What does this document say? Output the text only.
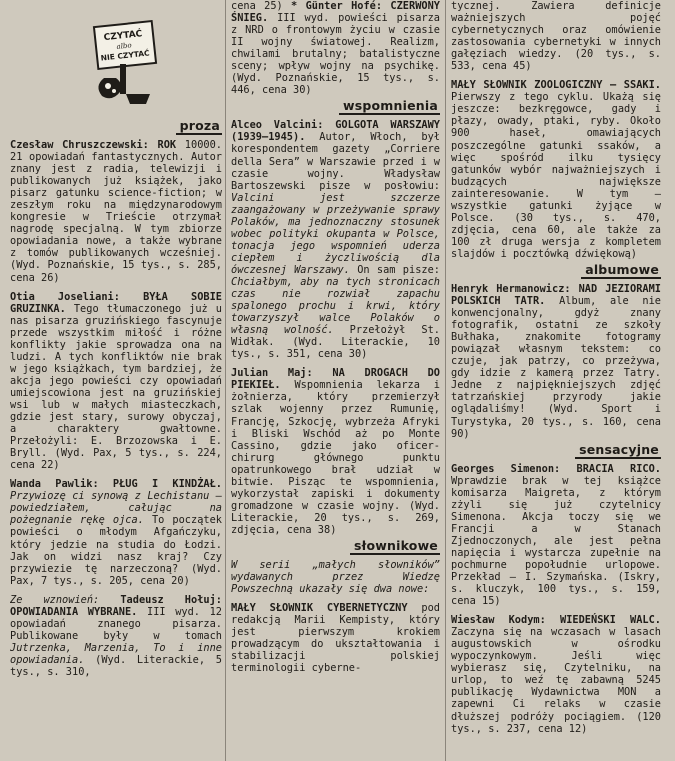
CZYTAĆ
albo
NIE CZYTAĆ
proza
Czesław Chruszczewski: ROK 10000. 21 opowiadań fantastycznych. Autor znany jest z radia, telewizji i publikowanych już książek, jako pisarz gatunku science-fiction; w zeszłym roku na międzynarodowym kongresie w Trieście otrzymał nagrodę specjalną. W tym zbiorze opowiadania nowe, a także wybrane z tomów publikowanych wcześniej. (Wyd. Poznańskie, 15 tys., s. 285, cena 26)
Otia Joseliani: BYŁA SOBIE GRUZINKA. Tego tłumaczonego już u nas pisarza gruzińskiego fascynuje przede wszystkim miłość i różne konflikty jakie sprowadza ona na ludzi. A tych konfliktów nie brak w jego książkach, tym bardziej, że akcja jego powieści czy opowiadań umiejscowiona jest na gruzińskiej wsi lub w małych miasteczkach, gdzie jest stary, surowy obyczaj, a charaktery gwałtowne. Przełożyli: E. Brzozowska i E. Bryll. (Wyd. Pax, 5 tys., s. 224, cena 22)
Wanda Pawlik: PŁUG I KINDŻAŁ. Przywiozę ci synową z Lechistanu — powiedziałem, całując na pożegnanie rękę ojca. To początek powieści o młodym Afgańczyku, który jedzie na studia do Łodzi. Jak on widzi nasz kraj? Czy przywiezie tę narzeczoną? (Wyd. Pax, 7 tys., s. 205, cena 20)
Ze wznowień: Tadeusz Hołuj: OPOWIADANIA WYBRANE. III wyd. 12 opowiadań znanego pisarza. Publikowane były w tomach Jutrzenka, Marzenia, To i inne opowiadania. (Wyd. Literackie, 5 tys., s. 310,
cena 25) * Günter Hofé: CZERWONY ŚNIEG. III wyd. powieści pisarza z NRD o frontowym życiu w czasie II wojny światowej. Realizm, chwilami brutalny; batalistyczne sceny; wpływ wojny na psychikę. (Wyd. Poznańskie, 15 tys., s. 446, cena 30)
wspomnienia
Alceo Valcini: GOLGOTA WARSZAWY (1939—1945). Autor, Włoch, był korespondentem gazety „Corriere della Sera” w Warszawie przed i w czasie wojny. Władysław Bartoszewski pisze w posłowiu: Valcini jest szczerze zaangażowany w przeżywanie sprawy Polaków, ma jednoznaczny stosunek wobec polityki okupanta w Polsce, tonacja jego wspomnień uderza ciepłem i życzliwością dla ówczesnej Warszawy. On sam pisze: Chciałbym, aby na tych stronicach czas nie rozwiał zapachu spalonego prochu i krwi, który towarzyszył walce Polaków o własną wolność. Przełożył St. Widłak. (Wyd. Literackie, 10 tys., s. 351, cena 30)
Julian Maj: NA DROGACH DO PIEKIEŁ. Wspomnienia lekarza i żołnierza, który przemierzył szlak wojenny przez Rumunię, Francję, Szkocję, wybrzeża Afryki i Bliski Wschód aż po Monte Cassino, gdzie jako oficer-chirurg głównego punktu opatrunkowego brał udział w bitwie. Pisząc te wspomnienia, wykorzystał zapiski i dokumenty gromadzone w czasie wojny. (Wyd. Literackie, 20 tys., s. 269, zdjęcia, cena 38)
słownikowe
W serii „małych słowników” wydawanych przez Wiedzę Powszechną ukazały się dwa nowe:
MAŁY SŁOWNIK CYBERNETYCZNY pod redakcją Marii Kempisty, który jest pierwszym krokiem prowadzącym do ukształtowania i stabilizacji polskiej terminologii cyberne-
tycznej. Zawiera definicje ważniejszych pojęć cybernetycznych oraz omówienie zastosowania cybernetyki w innych gałęziach wiedzy. (20 tys., s. 533, cena 45)
MAŁY SŁOWNIK ZOOLOGICZNY — SSAKI. Pierwszy z tego cyklu. Ukażą się jeszcze: bezkręgowce, gady i płazy, owady, ptaki, ryby. Około 900 haseł, omawiających poszczególne gatunki ssaków, a więc spośród ilku tysięcy gatunków wybór najważniejszych i budzących największe zainteresowanie. W tym — wszystkie gatunki żyjące w Polsce. (30 tys., s. 470, zdjęcia, cena 60, ale także za 100 zł druga wersja z kompletem slajdów i pocztówką dźwiękową)
albumowe
Henryk Hermanowicz: NAD JEZIORAMI POLSKICH TATR. Album, ale nie konwencjonalny, gdyż znany fotografik, ostatni ze szkoły Bułhaka, znakomite fotogramy powiązał własnym tekstem: co czuje, jak patrzy, co przeżywa, gdy idzie z kamerą przez Tatry. Jedne z najpiękniejszych zdjęć tatrzańskiej przyrody jakie oglądaliśmy! (Wyd. Sport i Turystyka, 20 tys., s. 160, cena 90)
sensacyjne
Georges Simenon: BRACIA RICO. Wprawdzie brak w tej książce komisarza Maigreta, z którym zżyli się już czytelnicy Simenona. Akcja toczy się we Francji a w Stanach Zjednoczonych, ale jest pełna napięcia i wystarcza zupełnie na pochmurne popołudnie urlopowe. Przekład — I. Szymańska. (Iskry, s. kluczyk, 100 tys., s. 159, cena 15)
Wiesław Kodym: WIEDEŃSKI WALC. Zaczyna się na wczasach w lasach augustowskich w ośrodku wypoczynkowym. Jeśli więc wybierasz się, Czytelniku, na urlop, to weź tę zabawną 5245 publikację Wydawnictwa MON a zapewni Ci relaks w czasie dłuższej podróży pociągiem. (120 tys., s. 237, cena 12)
